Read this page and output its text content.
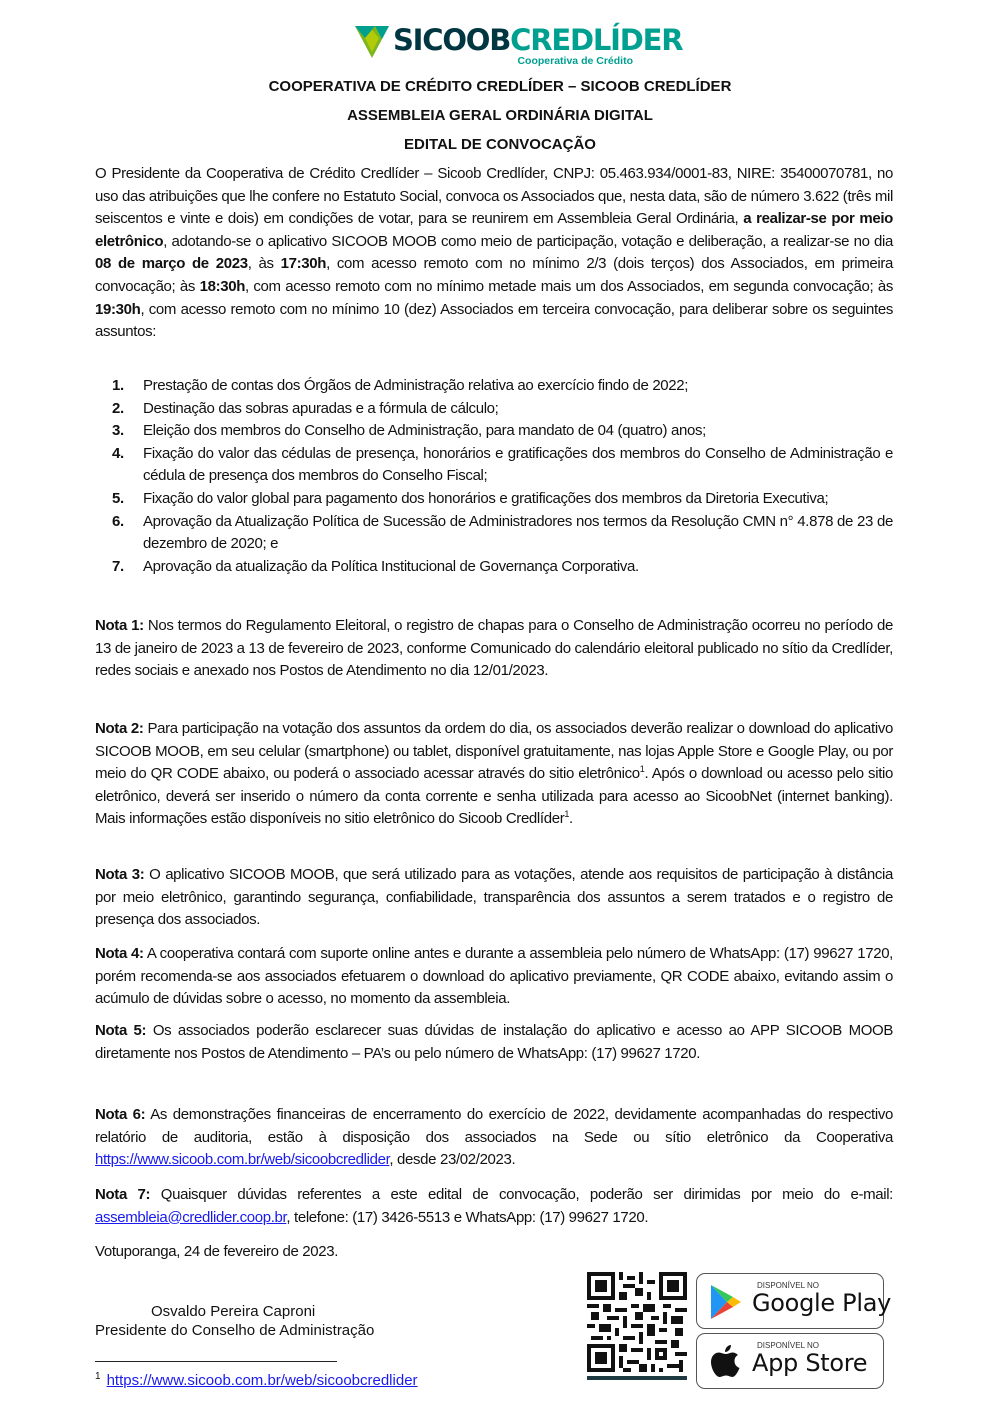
SICOOBCREDLÍDER
Cooperativa de Crédito
COOPERATIVA DE CRÉDITO CREDLÍDER – SICOOB CREDLÍDER
ASSEMBLEIA GERAL ORDINÁRIA DIGITAL
EDITAL DE CONVOCAÇÃO

O Presidente da Cooperativa de Crédito Credlíder – Sicoob Credlíder, CNPJ: 05.463.934/0001-83, NIRE: 35400070781, no uso das atribuições que lhe confere no Estatuto Social, convoca os Associados que, nesta data, são de número 3.622 (três mil seiscentos e vinte e dois) em condições de votar, para se reunirem em Assembleia Geral Ordinária, a realizar-se por meio eletrônico, adotando-se o aplicativo SICOOB MOOB como meio de participação, votação e deliberação, a realizar-se no dia 08 de março de 2023, às 17:30h, com acesso remoto com no mínimo 2/3 (dois terços) dos Associados, em primeira convocação; às 18:30h, com acesso remoto com no mínimo metade mais um dos Associados, em segunda convocação; às 19:30h, com acesso remoto com no mínimo 10 (dez) Associados em terceira convocação, para deliberar sobre os seguintes assuntos:

1. Prestação de contas dos Órgãos de Administração relativa ao exercício findo de 2022;
2. Destinação das sobras apuradas e a fórmula de cálculo;
3. Eleição dos membros do Conselho de Administração, para mandato de 04 (quatro) anos;
4. Fixação do valor das cédulas de presença, honorários e gratificações dos membros do Conselho de Administração e cédula de presença dos membros do Conselho Fiscal;
5. Fixação do valor global para pagamento dos honorários e gratificações dos membros da Diretoria Executiva;
6. Aprovação da Atualização Política de Sucessão de Administradores nos termos da Resolução CMN n° 4.878 de 23 de dezembro de 2020; e
7. Aprovação da atualização da Política Institucional de Governança Corporativa.

Nota 1: Nos termos do Regulamento Eleitoral, o registro de chapas para o Conselho de Administração ocorreu no período de 13 de janeiro de 2023 a 13 de fevereiro de 2023, conforme Comunicado do calendário eleitoral publicado no sítio da Credlíder, redes sociais e anexado nos Postos de Atendimento no dia 12/01/2023.

Nota 2: Para participação na votação dos assuntos da ordem do dia, os associados deverão realizar o download do aplicativo SICOOB MOOB, em seu celular (smartphone) ou tablet, disponível gratuitamente, nas lojas Apple Store e Google Play, ou por meio do QR CODE abaixo, ou poderá o associado acessar através do sitio eletrônico$^1$. Após o download ou acesso pelo sitio eletrônico, deverá ser inserido o número da conta corrente e senha utilizada para acesso ao SicoobNet (internet banking). Mais informações estão disponíveis no sitio eletrônico do Sicoob Credlíder$^1$.

Nota 3: O aplicativo SICOOB MOOB, que será utilizado para as votações, atende aos requisitos de participação à distância por meio eletrônico, garantindo segurança, confiabilidade, transparência dos assuntos a serem tratados e o registro de presença dos associados.

Nota 4: A cooperativa contará com suporte online antes e durante a assembleia pelo número de WhatsApp: (17) 99627 1720, porém recomenda-se aos associados efetuarem o download do aplicativo previamente, QR CODE abaixo, evitando assim o acúmulo de dúvidas sobre o acesso, no momento da assembleia.

Nota 5: Os associados poderão esclarecer suas dúvidas de instalação do aplicativo e acesso ao APP SICOOB MOOB diretamente nos Postos de Atendimento – PA’s ou pelo número de WhatsApp: (17) 99627 1720.

Nota 6: As demonstrações financeiras de encerramento do exercício de 2022, devidamente acompanhadas do respectivo relatório de auditoria, estão à disposição dos associados na Sede ou sítio eletrônico da Cooperativa https://www.sicoob.com.br/web/sicoobcredlider, desde 23/02/2023.

Nota 7: Quaisquer dúvidas referentes a este edital de convocação, poderão ser dirimidas por meio do e-mail: assembleia@credlider.coop.br, telefone: (17) 3426-5513 e WhatsApp: (17) 99627 1720.

Votuporanga, 24 de fevereiro de 2023.

Osvaldo Pereira Caproni
Presidente do Conselho de Administração
DISPONÍVEL NO
Google Play
DISPONÍVEL NO
App Store
$^1$ https://www.sicoob.com.br/web/sicoobcredlider
